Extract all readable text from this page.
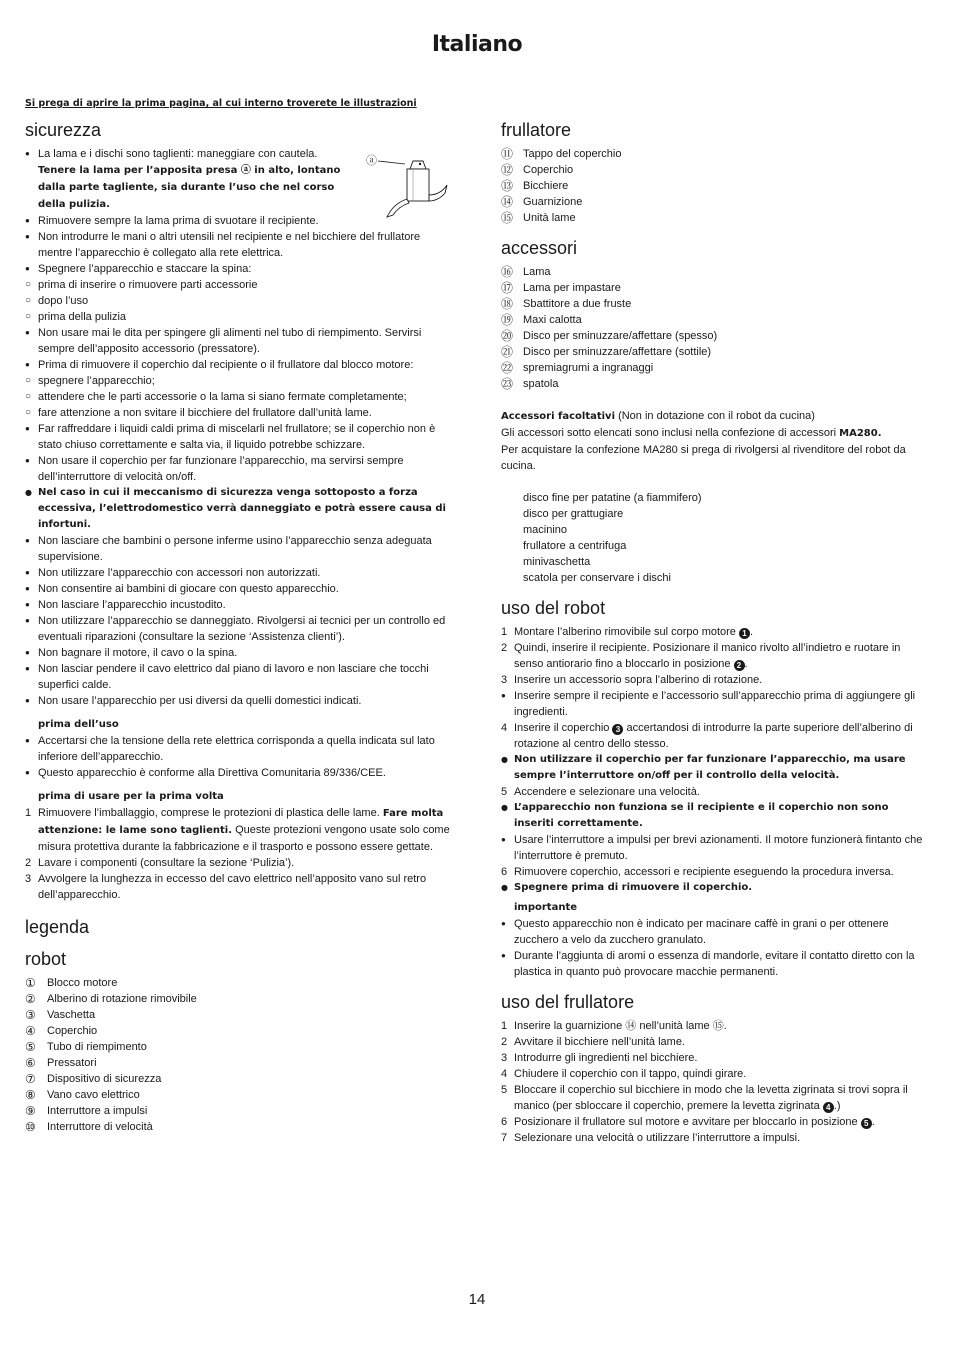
Italiano
Si prega di aprire la prima pagina, al cui interno troverete le illustrazioni
sicurezza
ⓐ
● La lama e i dischi sono taglienti: maneggiare con cautela.
Tenere la lama per l’apposita presa ⓐ in alto, lontano dalla parte tagliente, sia durante l’uso che nel corso della pulizia.
● Rimuovere sempre la lama prima di svuotare il recipiente.
● Non introdurre le mani o altri utensili nel recipiente e nel bicchiere del frullatore mentre l’apparecchio è collegato alla rete elettrica.
● Spegnere l’apparecchio e staccare la spina:
○ prima di inserire o rimuovere parti accessorie
○ dopo l’uso
○ prima della pulizia
● Non usare mai le dita per spingere gli alimenti nel tubo di riempimento. Servirsi sempre dell’apposito accessorio (pressatore).
● Prima di rimuovere il coperchio dal recipiente o il frullatore dal blocco motore:
○ spegnere l’apparecchio;
○ attendere che le parti accessorie o la lama si siano fermate completamente;
○ fare attenzione a non svitare il bicchiere del frullatore dall’unità lame.
● Far raffreddare i liquidi caldi prima di miscelarli nel frullatore; se il coperchio non è stato chiuso correttamente e salta via, il liquido potrebbe schizzare.
● Non usare il coperchio per far funzionare l’apparecchio, ma servirsi sempre dell’interruttore di velocità on/off.
● Nel caso in cui il meccanismo di sicurezza venga sottoposto a forza eccessiva, l’elettrodomestico verrà danneggiato e potrà essere causa di infortuni.
● Non lasciare che bambini o persone inferme usino l’apparecchio senza adeguata supervisione.
● Non utilizzare l’apparecchio con accessori non autorizzati.
● Non consentire ai bambini di giocare con questo apparecchio.
● Non lasciare l’apparecchio incustodito.
● Non utilizzare l’apparecchio se danneggiato. Rivolgersi ai tecnici per un controllo ed eventuali riparazioni (consultare la sezione ‘Assistenza clienti’).
● Non bagnare il motore, il cavo o la spina.
● Non lasciar pendere il cavo elettrico dal piano di lavoro e non lasciare che tocchi superfici calde.
● Non usare l’apparecchio per usi diversi da quelli domestici indicati.
prima dell’uso
● Accertarsi che la tensione della rete elettrica corrisponda a quella indicata sul lato inferiore dell’apparecchio.
● Questo apparecchio è conforme alla Direttiva Comunitaria 89/336/CEE.
prima di usare per la prima volta
1 Rimuovere l’imballaggio, comprese le protezioni di plastica delle lame. Fare molta attenzione: le lame sono taglienti. Queste protezioni vengono usate solo come misura protettiva durante la fabbricazione e il trasporto e possono essere gettate.
2 Lavare i componenti (consultare la sezione ‘Pulizia’).
3 Avvolgere la lunghezza in eccesso del cavo elettrico nell’apposito vano sul retro dell’apparecchio.
legenda
robot
① Blocco motore
② Alberino di rotazione rimovibile
③ Vaschetta
④ Coperchio
⑤ Tubo di riempimento
⑥ Pressatori
⑦ Dispositivo di sicurezza
⑧ Vano cavo elettrico
⑨ Interruttore a impulsi
⑩ Interruttore di velocità
frullatore
⑪ Tappo del coperchio
⑫ Coperchio
⑬ Bicchiere
⑭ Guarnizione
⑮ Unità lame
accessori
⑯ Lama
⑰ Lama per impastare
⑱ Sbattitore a due fruste
⑲ Maxi calotta
⑳ Disco per sminuzzare/affettare (spesso)
㉑ Disco per sminuzzare/affettare (sottile)
㉒ spremiagrumi a ingranaggi
㉓ spatola
Accessori facoltativi (Non in dotazione con il robot da cucina)
Gli accessori sotto elencati sono inclusi nella confezione di accessori MA280.
Per acquistare la confezione MA280 si prega di rivolgersi al rivenditore del robot da cucina.
disco fine per patatine (a fiammifero)
disco per grattugiare
macinino
frullatore a centrifuga
minivaschetta
scatola per conservare i dischi
uso del robot
1 Montare l’alberino rimovibile sul corpo motore 1 .
2 Quindi, inserire il recipiente. Posizionare il manico rivolto all’indietro e ruotare in senso antiorario fino a bloccarlo in posizione 2 .
3 Inserire un accessorio sopra l’alberino di rotazione.
● Inserire sempre il recipiente e l’accessorio sull’apparecchio prima di aggiungere gli ingredienti.
4 Inserire il coperchio 3 accertandosi di introdurre la parte superiore dell’alberino di rotazione al centro dello stesso.
● Non utilizzare il coperchio per far funzionare l’apparecchio, ma usare sempre l’interruttore on/off per il controllo della velocità.
5 Accendere e selezionare una velocità.
● L’apparecchio non funziona se il recipiente e il coperchio non sono inseriti correttamente.
● Usare l’interruttore a impulsi per brevi azionamenti. Il motore funzionerà fintanto che l’interruttore è premuto.
6 Rimuovere coperchio, accessori e recipiente eseguendo la procedura inversa.
● Spegnere prima di rimuovere il coperchio.
importante
● Questo apparecchio non è indicato per macinare caffè in grani o per ottenere zucchero a velo da zucchero granulato.
● Durante l’aggiunta di aromi o essenza di mandorle, evitare il contatto diretto con la plastica in quanto può provocare macchie permanenti.
uso del frullatore
1 Inserire la guarnizione ⑭ nell’unità lame ⑮.
2 Avvitare il bicchiere nell’unità lame.
3 Introdurre gli ingredienti nel bicchiere.
4 Chiudere il coperchio con il tappo, quindi girare.
5 Bloccare il coperchio sul bicchiere in modo che la levetta zigrinata si trovi sopra il manico (per sbloccare il coperchio, premere la levetta zigrinata 4 .)
6 Posizionare il frullatore sul motore e avvitare per bloccarlo in posizione 5 .
7 Selezionare una velocità o utilizzare l’interruttore a impulsi.
14
